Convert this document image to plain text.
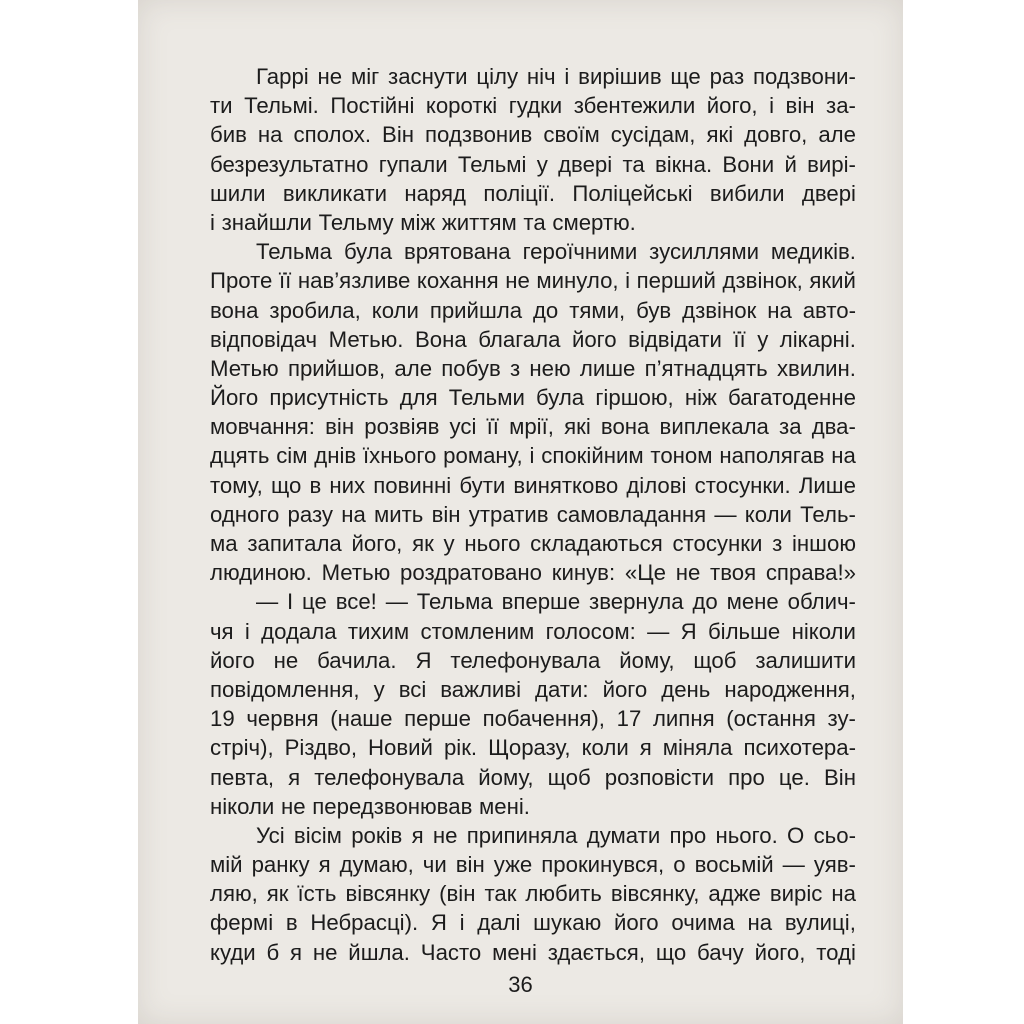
Гаррі не міг заснути цілу ніч і вирішив ще раз подзвони-
ти Тельмі. Постійні короткі гудки збентежили його, і він за-
бив на сполох. Він подзвонив своїм сусідам, які довго, але
безрезультатно гупали Тельмі у двері та вікна. Вони й вирі-
шили викликати наряд поліції. Поліцейські вибили двері
і знайшли Тельму між життям та смертю.
Тельма була врятована героїчними зусиллями медиків.
Проте її нав’язливе кохання не минуло, і перший дзвінок, який
вона зробила, коли прийшла до тями, був дзвінок на авто-
відповідач Метью. Вона благала його відвідати її у лікарні.
Метью прийшов, але побув з нею лише п’ятнадцять хвилин.
Його присутність для Тельми була гіршою, ніж багатоденне
мовчання: він розвіяв усі її мрії, які вона виплекала за два-
дцять сім днів їхнього роману, і спокійним тоном наполягав на
тому, що в них повинні бути винятково ділові стосунки. Лише
одного разу на мить він утратив самовладання — коли Тель-
ма запитала його, як у нього складаються стосунки з іншою
людиною. Метью роздратовано кинув: «Це не твоя справа!»
— І це все! — Тельма вперше звернула до мене облич-
чя і додала тихим стомленим голосом: — Я більше ніколи
його не бачила. Я телефонувала йому, щоб залишити
повідомлення, у всі важливі дати: його день народження,
19 червня (наше перше побачення), 17 липня (остання зу-
стріч), Різдво, Новий рік. Щоразу, коли я міняла психотера-
певта, я телефонувала йому, щоб розповісти про це. Він
ніколи не передзвонював мені.
Усі вісім років я не припиняла думати про нього. О сьо-
мій ранку я думаю, чи він уже прокинувся, о восьмій — уяв-
ляю, як їсть вівсянку (він так любить вівсянку, адже виріс на
фермі в Небрасці). Я і далі шукаю його очима на вулиці,
куди б я не йшла. Часто мені здається, що бачу його, тоді
36
